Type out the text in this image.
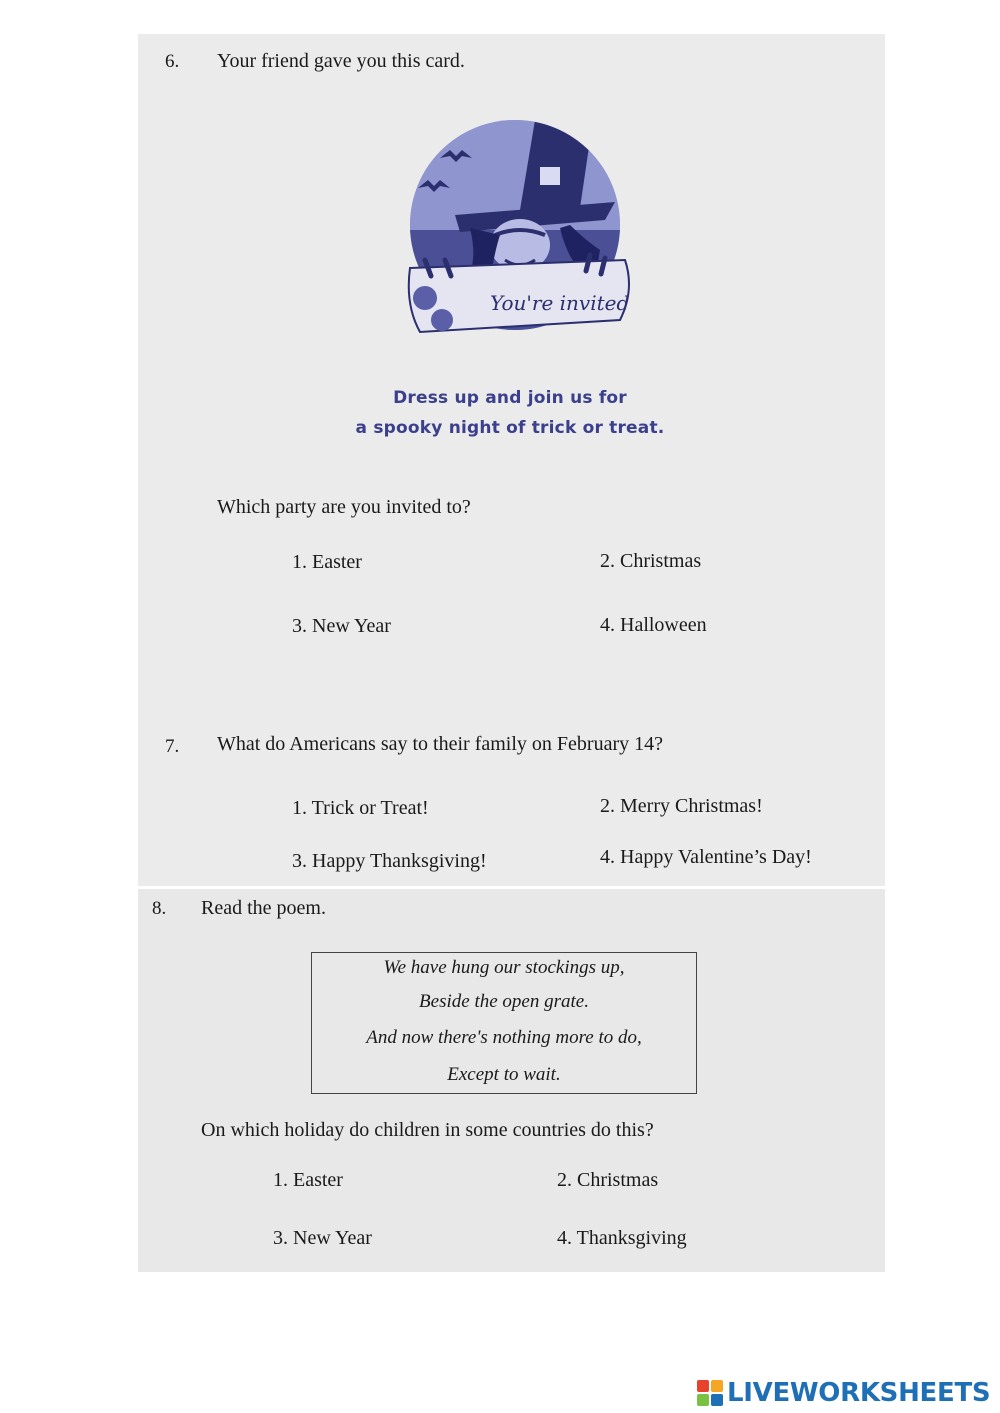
6. Your friend gave you this card.
You're invited
Dress up and join us for
a spooky night of trick or treat.
Which party are you invited to?
1. Easter	2. Christmas
3. New Year	4. Halloween
7. What do Americans say to their family on February 14?
1. Trick or Treat!	2. Merry Christmas!
3. Happy Thanksgiving!	4. Happy Valentine’s Day!
8. Read the poem.
We have hung our stockings up,
Beside the open grate.
And now there's nothing more to do,
Except to wait.
On which holiday do children in some countries do this?
1. Easter	2. Christmas
3. New Year	4. Thanksgiving
LIVEWORKSHEETS
